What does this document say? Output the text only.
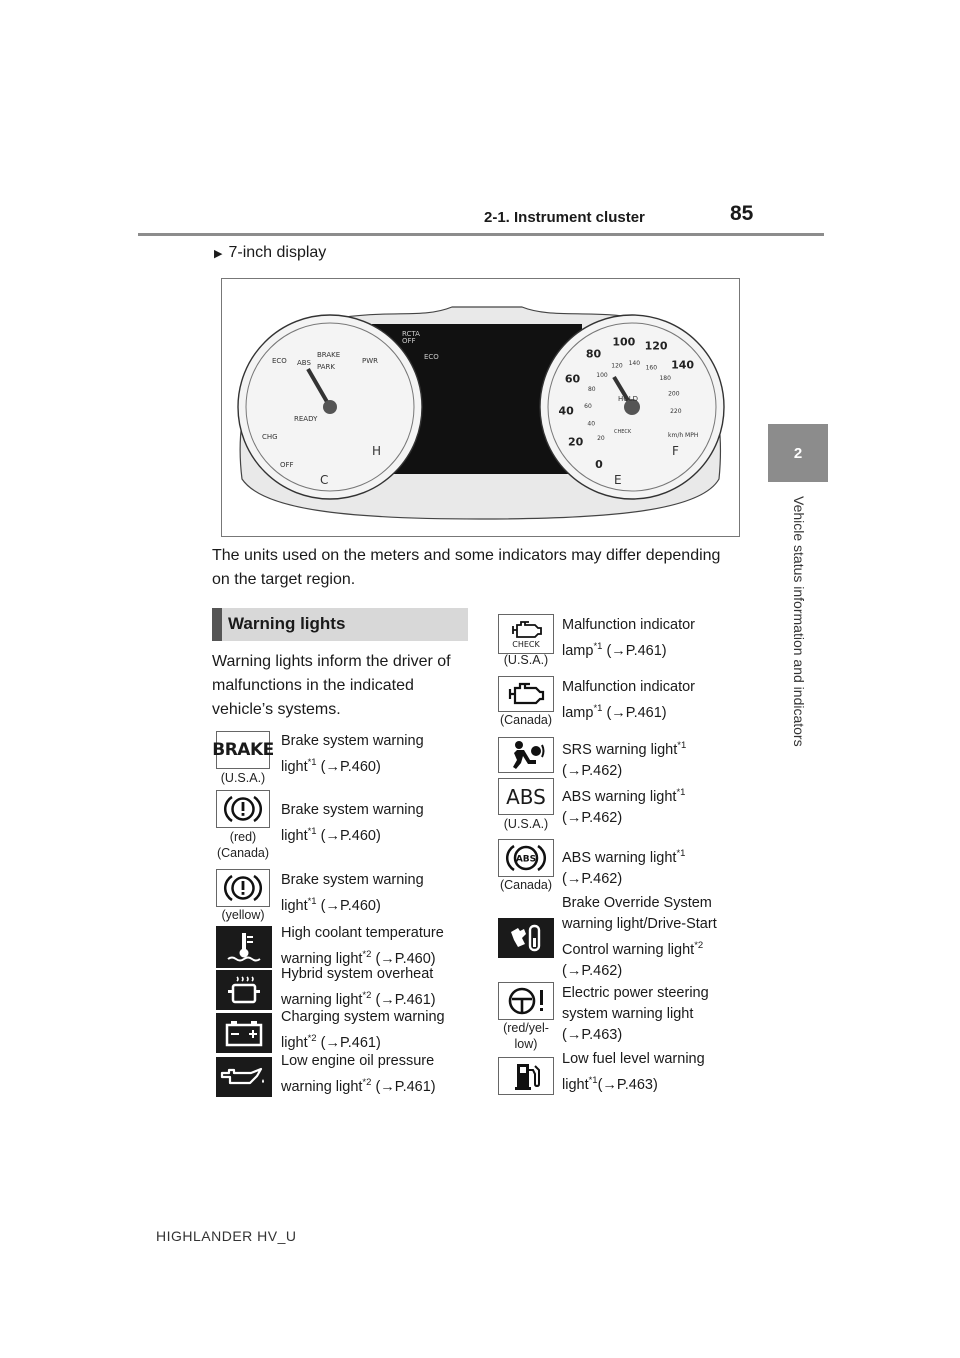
2-1. Instrument cluster	85
2
Vehicle status information and indicators
▶ 7-inch display
BRAKE
PARK
ABS
ECO	PWR
CHG
OFF
READY
H
C
RCTA
OFF
ECO
HOLD
CHECK	km/h MPH
E
F
0
20
40
60
80
100 120
140
20
40
60
80
100
120 140
160
180
200
220
The units used on the meters and some indicators may differ depending on the target region.
Warning lights
Warning lights inform the driver of malfunctions in the indicated vehicle’s systems.
BRAKE
(U.S.A.)
Brake system warning
light$^{*1}$ (→P.460)
(red)
(Canada)
Brake system warning
light$^{*1}$ (→P.460)
(yellow)
Brake system warning
light$^{*1}$ (→P.460)
High coolant temperature
warning light$^{*2}$ (→P.460)
Hybrid system overheat
warning light$^{*2}$ (→P.461)
Charging system warning
light$^{*2}$ (→P.461)
Low engine oil pressure
warning light$^{*2}$ (→P.461)
CHECK
(U.S.A.)
Malfunction indicator
lamp$^{*1}$ (→P.461)
(Canada)
Malfunction indicator
lamp$^{*1}$ (→P.461)
SRS warning light$^{*1}$
(→P.462)
ABS
(U.S.A.)
ABS warning light$^{*1}$
(→P.462)
ABS
(Canada)
ABS warning light$^{*1}$
(→P.462)
Brake Override System
warning light/Drive-Start
Control warning light$^{*2}$
(→P.462)
(red/yel-
low)
Electric power steering
system warning light
(→P.463)
Low fuel level warning
light$^{*1}$(→P.463)
HIGHLANDER HV_U
